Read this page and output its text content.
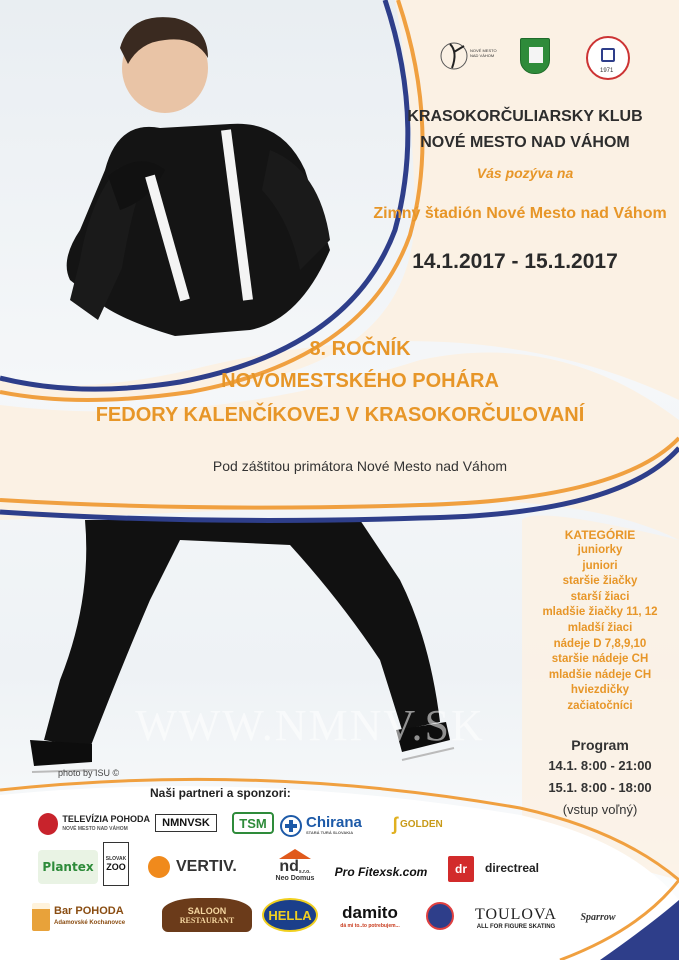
NOVÉ MESTO NAD VÁHOM
1971
KRASOKORČULIARSKY KLUB
NOVÉ MESTO NAD VÁHOM
Vás pozýva na
Zimný štadión Nové Mesto nad Váhom
14.1.2017 - 15.1.2017
8. ROČNÍK
NOVOMESTSKÉHO POHÁRA
FEDORY KALENČÍKOVEJ V KRASOKORČUĽOVANÍ
Pod záštitou primátora Nové Mesto nad Váhom
KATEGÓRIE
juniorky
juniori
staršie žiačky
starší žiaci
mladšie žiačky 11, 12
mladší žiaci
nádeje D 7,8,9,10
staršie nádeje CH
mladšie nádeje CH
hviezdičky
začiatočníci
Program
14.1. 8:00 - 21:00
15.1. 8:00 - 18:00
(vstup voľný)
WWW.NMNV.SK
photo by ISU ©
Naši partneri a sponzori:
TELEVÍZIA POHODA
NOVÉ MESTO NAD VÁHOM	NMNVSK	TSM	Chirana
STARÁ TURÁ SLOVAKIA	ʃ GOLDEN
Plantex
SLOVAK
ZOO	VERTIV.	nd s.r.o.
Neo Domus	Pro Fitexsk.com	dr	directreal
Bar POHODA
Adamovské Kochanovce
SALOON
RESTAURANT	HELLA	damito
dá mi to..to potrebujem...
TOULOVA
ALL FOR FIGURE SKATING
Sparrow
